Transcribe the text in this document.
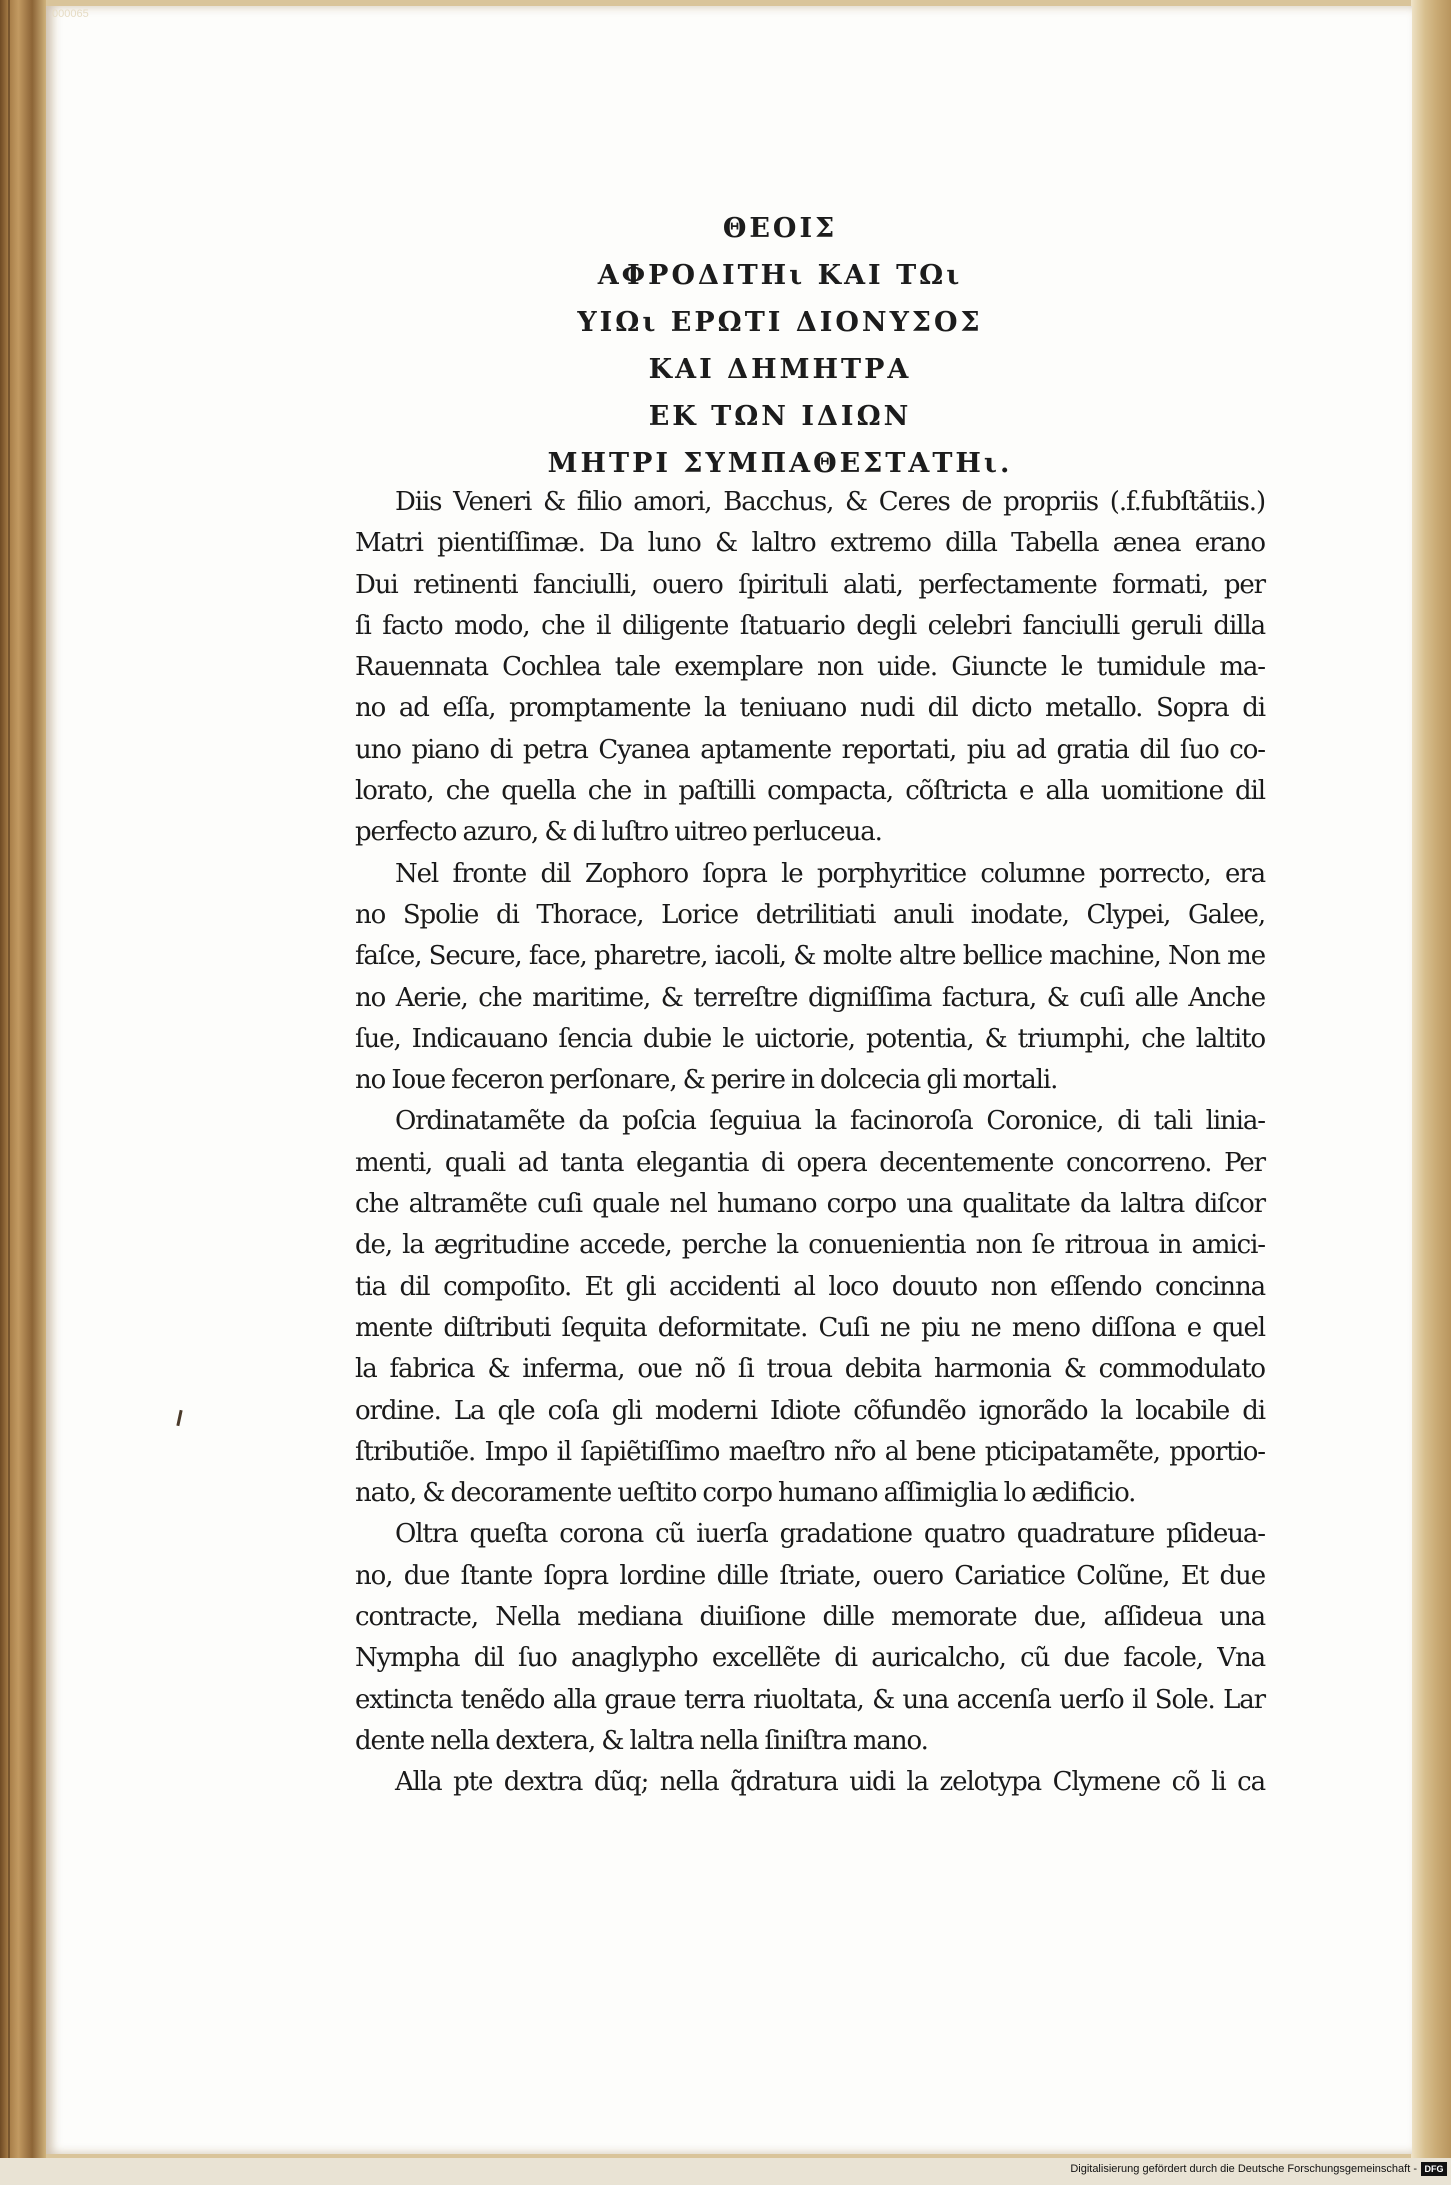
000065
ΘΕΟΙΣ
ΑΦΡΟΔΙΤΗι ΚΑΙ ΤΩι
ΥΙΩι ΕΡΩΤΙ ΔΙΟΝΥΣΟΣ
ΚΑΙ ΔΗΜΗΤΡΑ
ΕΚ ΤΩΝ ΙΔΙΩΝ
ΜΗΤΡΙ ΣΥΜΠΑΘΕΣΤΑΤΗι.
Diis Veneri & filio amori, Bacchus, & Ceres de propriis (.f.fubſtãtiis.)
Matri pientiſſimæ. Da luno & laltro extremo dilla Tabella ænea erano
Dui retinenti fanciulli, ouero ſpirituli alati, perfectamente formati, per
ſi facto modo, che il diligente ſtatuario degli celebri fanciulli geruli dilla
Rauennata Cochlea tale exemplare non uide. Giuncte le tumidule ma-
no ad eſſa, promptamente la teniuano nudi dil dicto metallo. Sopra di
uno piano di petra Cyanea aptamente reportati, piu ad gratia dil ſuo co-
lorato, che quella che in paſtilli compacta, cõſtricta e alla uomitione dil
perfecto azuro, & di luſtro uitreo perluceua.
Nel fronte dil Zophoro ſopra le porphyritice columne porrecto, era
no Spolie di Thorace, Lorice detrilitiati anuli inodate, Clypei, Galee,
faſce, Secure, face, pharetre, iacoli, & molte altre bellice machine, Non me
no Aerie, che maritime, & terreſtre digniſſima factura, & cuſi alle Anche
ſue, Indicauano ſencia dubie le uictorie, potentia, & triumphi, che laltito
no Ioue feceron perſonare, & perire in dolcecia gli mortali.
Ordinatamẽte da poſcia ſeguiua la facinoroſa Coronice, di tali linia-
menti, quali ad tanta elegantia di opera decentemente concorreno. Per
che altramẽte cuſi quale nel humano corpo una qualitate da laltra diſcor
de, la ægritudine accede, perche la conuenientia non ſe ritroua in amici-
tia dil compoſito. Et gli accidenti al loco douuto non eſſendo concinna
mente diſtributi ſequita deformitate. Cuſi ne piu ne meno diſſona e quel
la fabrica & inferma, oue nõ ſi troua debita harmonia & commodulato
ordine. La qle coſa gli moderni Idiote cõfundẽo ignorãdo la locabile di
ſtributiõe. Impo il ſapiẽtiſſimo maeſtro nr̃o al bene pticipatamẽte, pportio-
nato, & decoramente ueſtito corpo humano aſſimiglia lo ædificio.
Oltra queſta corona cũ iuerſa gradatione quatro quadrature pſideua-
no, due ſtante ſopra lordine dille ſtriate, ouero Cariatice Colũne, Et due
contracte, Nella mediana diuiſione dille memorate due, aſſideua una
Nympha dil ſuo anaglypho excellẽte di auricalcho, cũ due facole, Vna
extincta tenẽdo alla graue terra riuoltata, & una accenſa uerſo il Sole. Lar
dente nella dextera, & laltra nella ſiniſtra mano.
Alla pte dextra dũq; nella q̃dratura uidi la zelotypa Clymene cõ li ca
Digitalisierung gefördert durch die Deutsche Forschungsgemeinschaft - DFG
